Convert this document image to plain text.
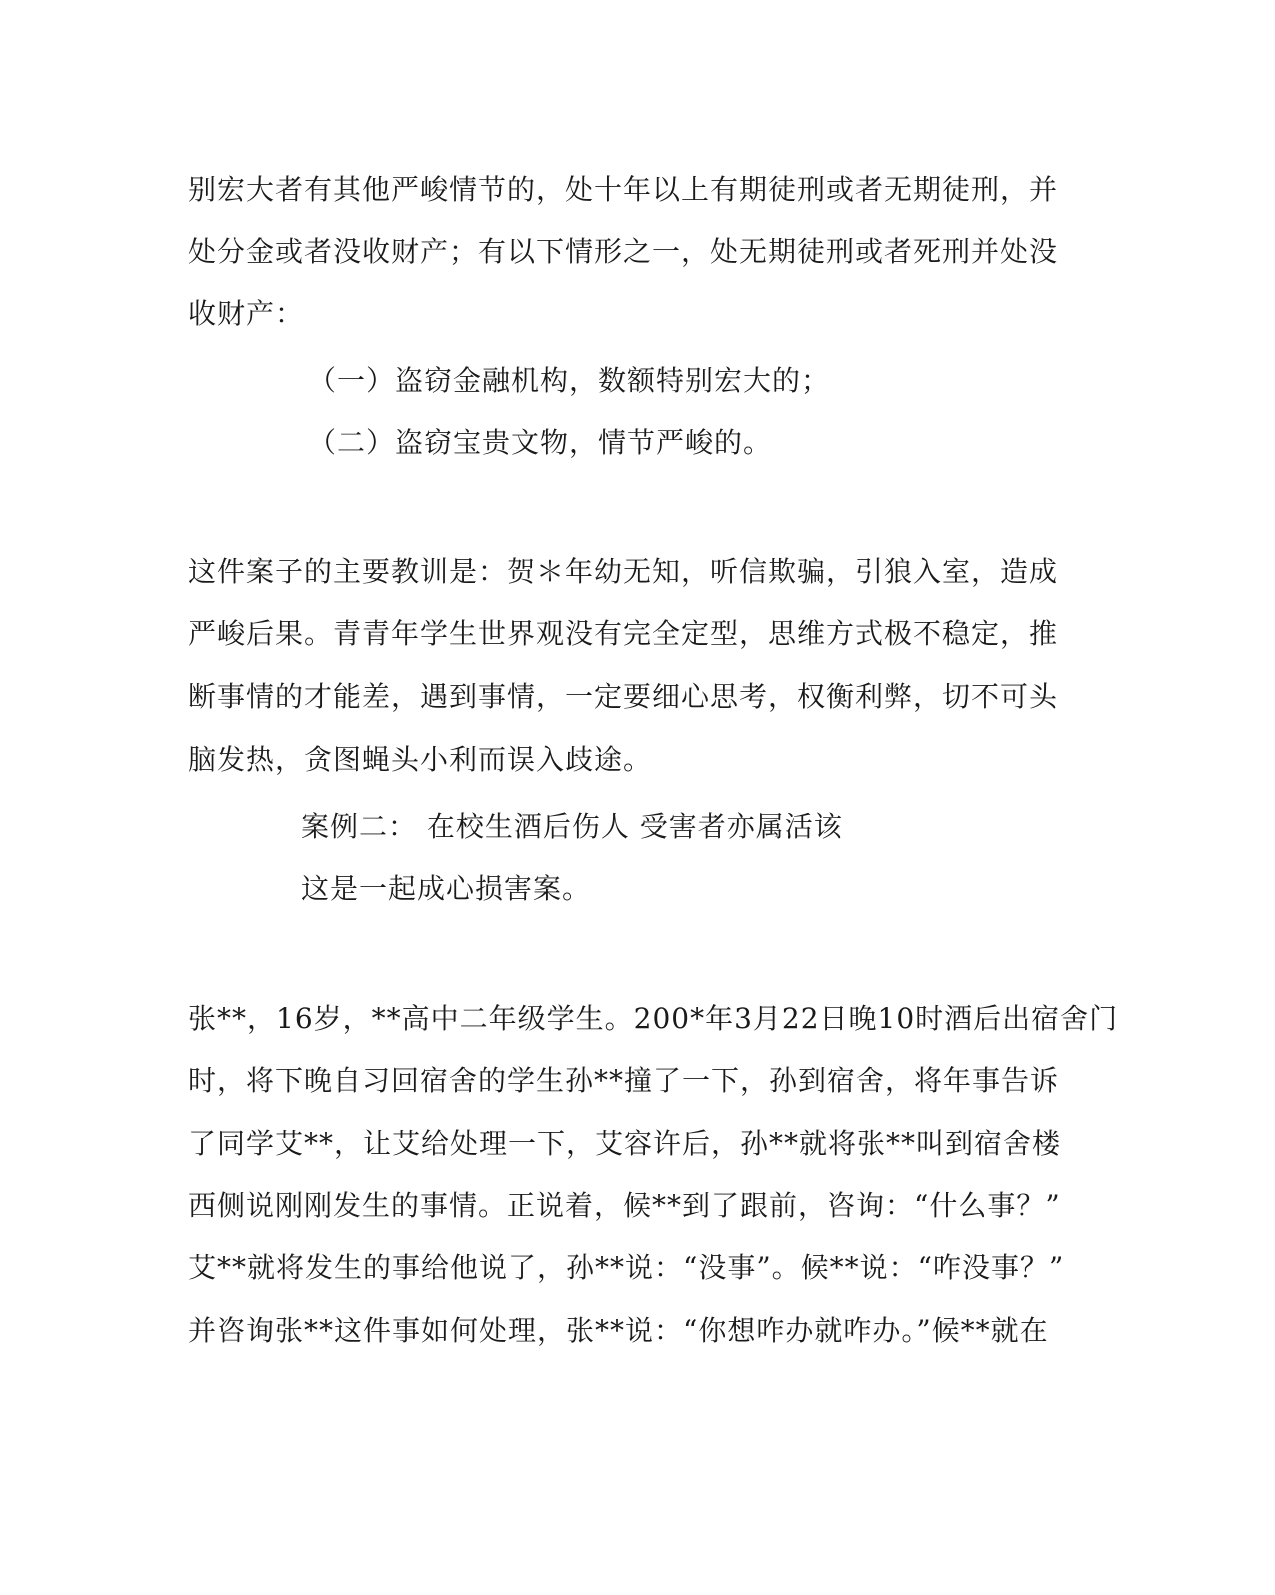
别宏大者有其他严峻情节的，处十年以上有期徒刑或者无期徒刑，并
处分金或者没收财产；有以下情形之一，处无期徒刑或者死刑并处没
收财产：
（一）盗窃金融机构，数额特别宏大的；
（二）盗窃宝贵文物，情节严峻的。
这件案子的主要教训是：贺＊年幼无知，听信欺骗，引狼入室，造成
严峻后果。青青年学生世界观没有完全定型，思维方式极不稳定，推
断事情的才能差，遇到事情，一定要细心思考，权衡利弊，切不可头
脑发热，贪图蝇头小利而误入歧途。
案例二： 在校生酒后伤人 受害者亦属活该
这是一起成心损害案。
张**，16岁，**高中二年级学生。200*年3月22日晚10时酒后出宿舍门
时，将下晚自习回宿舍的学生孙**撞了一下，孙到宿舍，将年事告诉
了同学艾**，让艾给处理一下，艾容许后，孙**就将张**叫到宿舍楼
西侧说刚刚发生的事情。正说着，候**到了跟前，咨询：“什么事？”
艾**就将发生的事给他说了，孙**说：“没事”。候**说：“咋没事？”
并咨询张**这件事如何处理，张**说：“你想咋办就咋办。”候**就在
